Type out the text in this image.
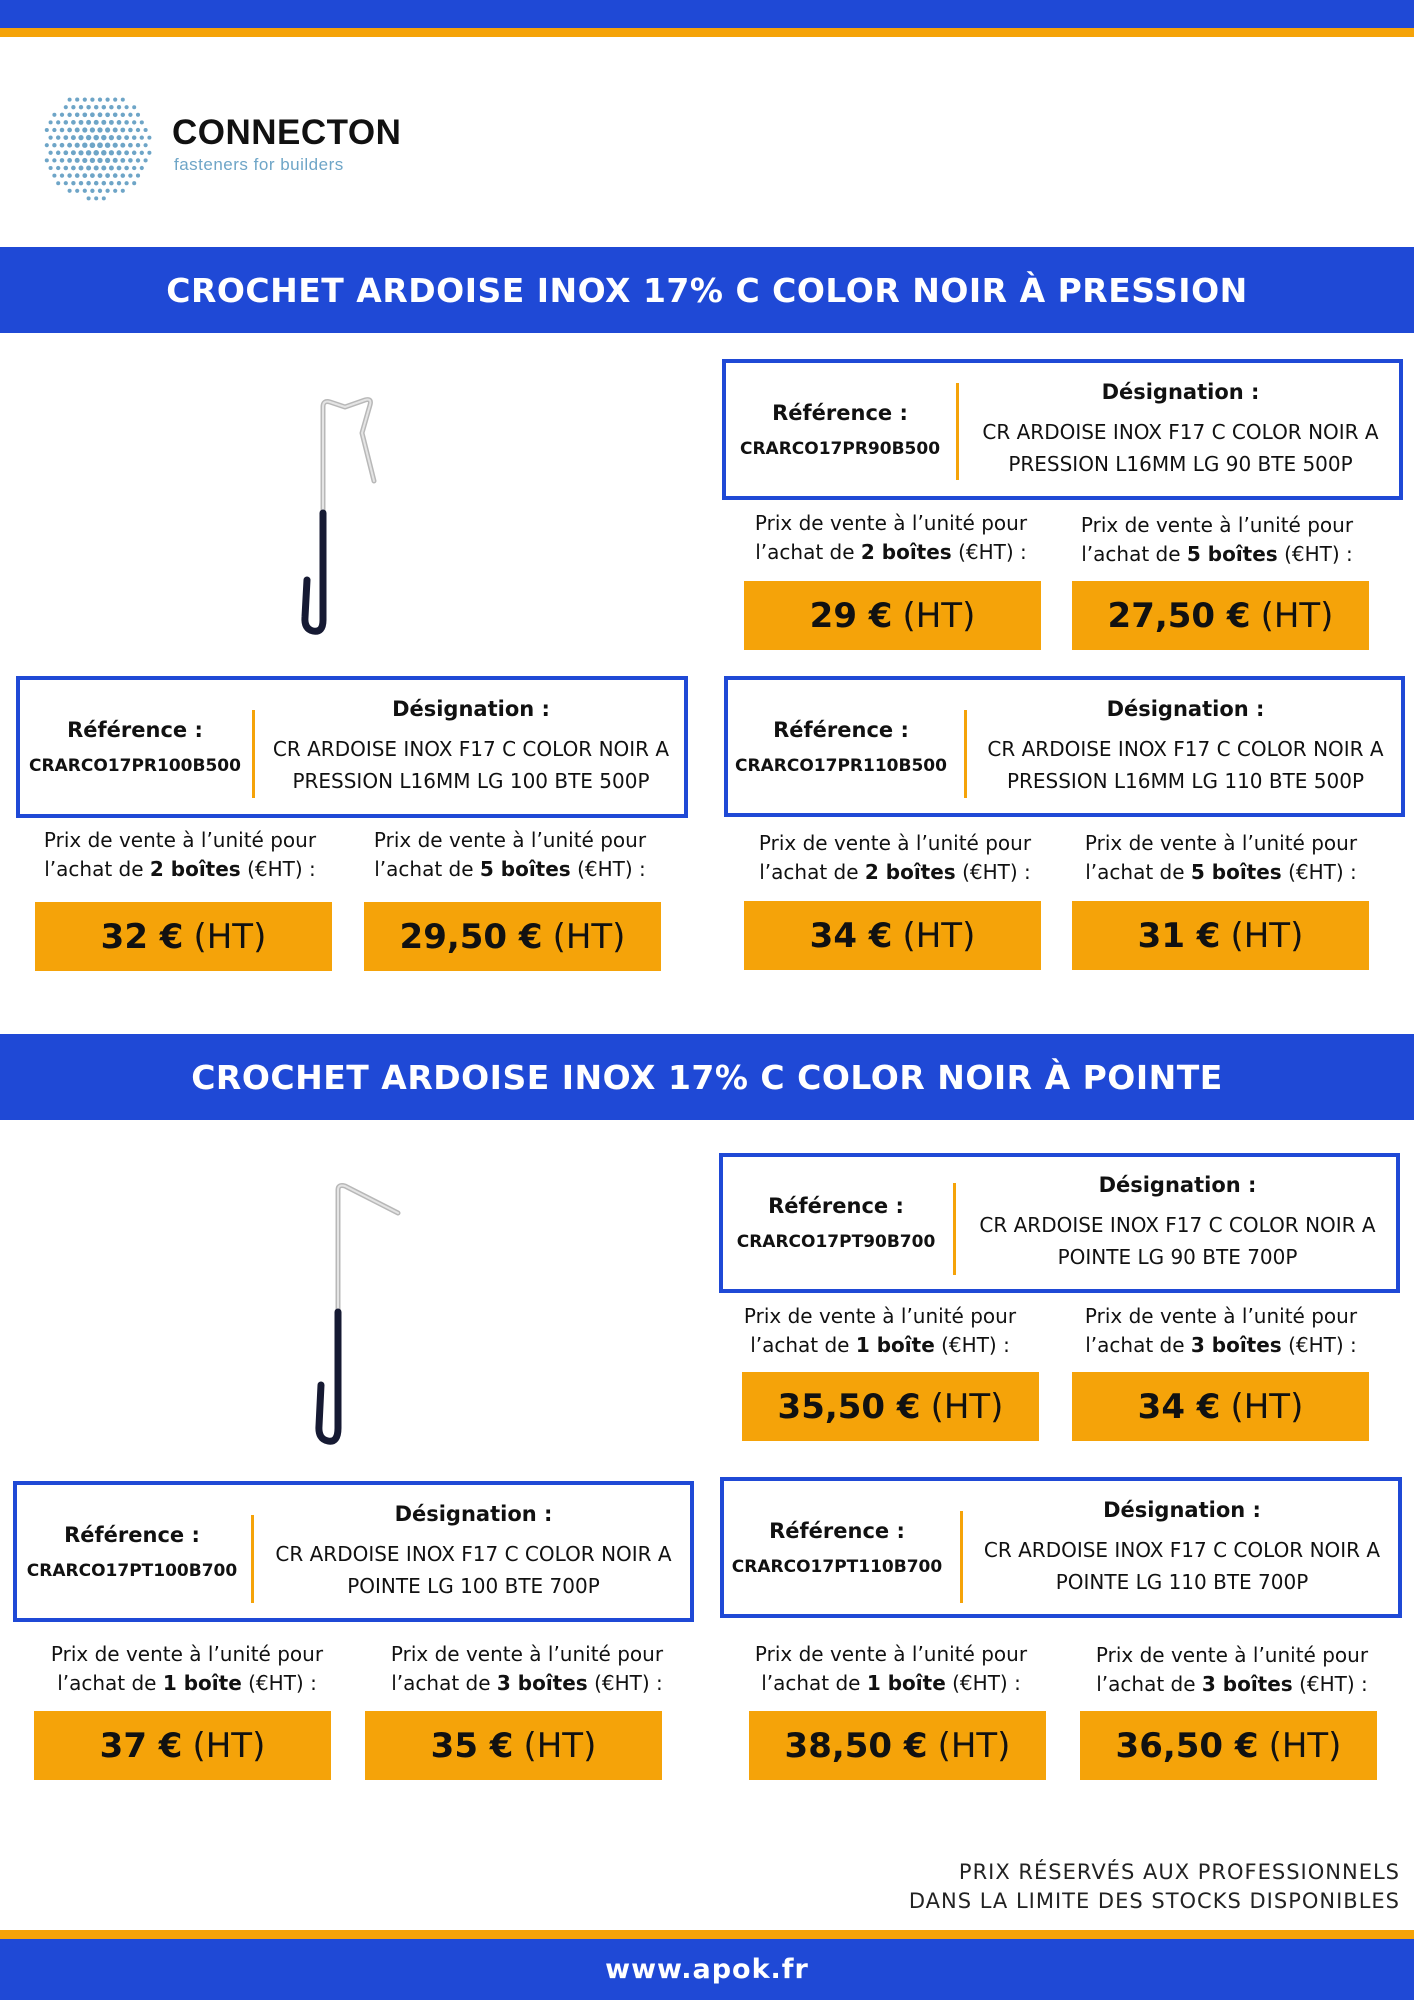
CONNECTON
fasteners for builders
CROCHET ARDOISE INOX 17% C COLOR NOIR À PRESSION
Référence :
CRARCO17PR90B500
Désignation :
CR ARDOISE INOX F17 C COLOR NOIR A
PRESSION L16MM LG 90 BTE 500P
Prix de vente à l’unité pour
l’achat de 2 boîtes (€HT) :
Prix de vente à l’unité pour
l’achat de 5 boîtes (€HT) :
29 € (HT)	27,50 € (HT)
Référence :
CRARCO17PR100B500
Désignation :
CR ARDOISE INOX F17 C COLOR NOIR A
PRESSION L16MM LG 100 BTE 500P
Prix de vente à l’unité pour
l’achat de 2 boîtes (€HT) :
Prix de vente à l’unité pour
l’achat de 5 boîtes (€HT) :
32 € (HT)	29,50 € (HT)
Référence :
CRARCO17PR110B500
Désignation :
CR ARDOISE INOX F17 C COLOR NOIR A
PRESSION L16MM LG 110 BTE 500P
Prix de vente à l’unité pour
l’achat de 2 boîtes (€HT) :
Prix de vente à l’unité pour
l’achat de 5 boîtes (€HT) :
34 € (HT)	31 € (HT)
CROCHET ARDOISE INOX 17% C COLOR NOIR À POINTE
Référence :
CRARCO17PT90B700
Désignation :
CR ARDOISE INOX F17 C COLOR NOIR A
POINTE LG 90 BTE 700P
Prix de vente à l’unité pour
l’achat de 1 boîte (€HT) :
Prix de vente à l’unité pour
l’achat de 3 boîtes (€HT) :
35,50 € (HT)	34 € (HT)
Référence :
CRARCO17PT100B700
Désignation :
CR ARDOISE INOX F17 C COLOR NOIR A
POINTE LG 100 BTE 700P
Prix de vente à l’unité pour
l’achat de 1 boîte (€HT) :
Prix de vente à l’unité pour
l’achat de 3 boîtes (€HT) :
37 € (HT)	35 € (HT)
Référence :
CRARCO17PT110B700
Désignation :
CR ARDOISE INOX F17 C COLOR NOIR A
POINTE LG 110 BTE 700P
Prix de vente à l’unité pour
l’achat de 1 boîte (€HT) :
Prix de vente à l’unité pour
l’achat de 3 boîtes (€HT) :
38,50 € (HT)	36,50 € (HT)
PRIX RÉSERVÉS AUX PROFESSIONNELS
DANS LA LIMITE DES STOCKS DISPONIBLES
www.apok.fr
